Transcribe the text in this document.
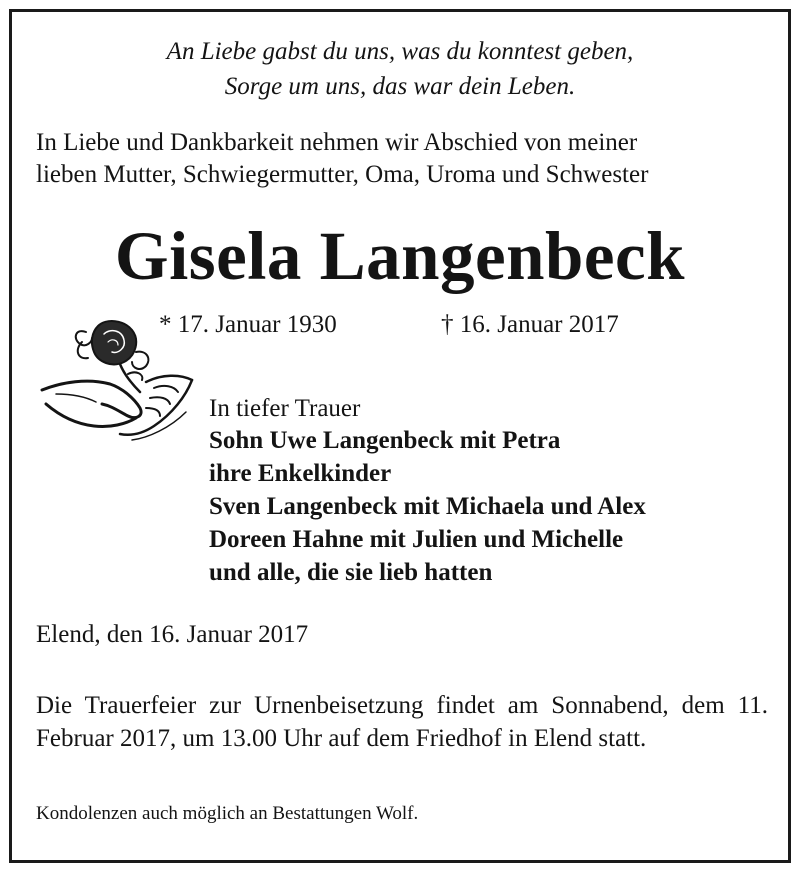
An Liebe gabst du uns, was du konntest geben,
Sorge um uns, das war dein Leben.
In Liebe und Dankbarkeit nehmen wir Abschied von meiner
lieben Mutter, Schwiegermutter, Oma, Uroma und Schwester
Gisela Langenbeck
* 17. Januar 1930	† 16. Januar 2017
In tiefer Trauer
Sohn Uwe Langenbeck mit Petra
ihre Enkelkinder
Sven Langenbeck mit Michaela und Alex
Doreen Hahne mit Julien und Michelle
und alle, die sie lieb hatten
Elend, den 16. Januar 2017
Die Trauerfeier zur Urnenbeisetzung findet am Sonnabend, dem 11. Februar 2017, um 13.00 Uhr auf dem Friedhof in Elend statt.
Kondolenzen auch möglich an Bestattungen Wolf.
